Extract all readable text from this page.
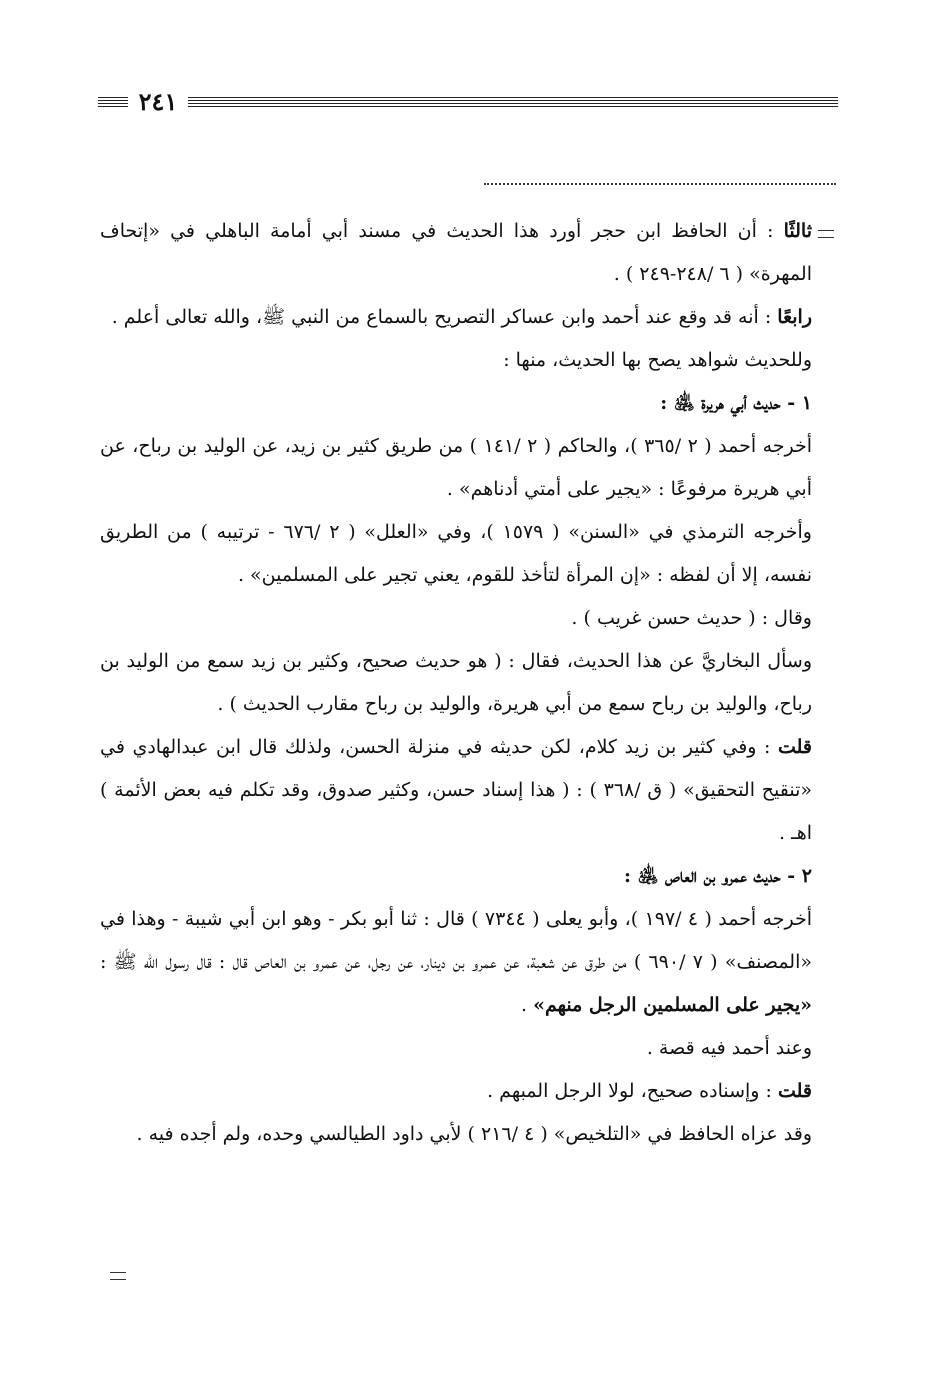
٢٤١

ثالثًا : أن الحافظ ابن حجر أورد هذا الحديث في مسند أبي أمامة الباهلي في «إتحاف المهرة» ( ٦ /٢٤٨-٢٤٩ ) .

رابعًا : أنه قد وقع عند أحمد وابن عساكر التصريح بالسماع من النبي ﷺ، والله تعالى أعلم .

وللحديث شواهد يصح بها الحديث، منها :

١ - حديث أبي هريرة ﵁ :

أخرجه أحمد ( ٢ /٣٦٥ )، والحاكم ( ٢ /١٤١ ) من طريق كثير بن زيد، عن الوليد بن رباح، عن أبي هريرة مرفوعًا : «يجير على أمتي أدناهم» .

وأخرجه الترمذي في «السنن» ( ١٥٧٩ )، وفي «العلل» ( ٢ /٦٧٦ - ترتيبه ) من الطريق نفسه، إلا أن لفظه : «إن المرأة لتأخذ للقوم، يعني تجير على المسلمين» .

وقال : ( حديث حسن غريب ) .

وسأل البخاريَّ عن هذا الحديث، فقال : ( هو حديث صحيح، وكثير بن زيد سمع من الوليد بن رباح، والوليد بن رباح سمع من أبي هريرة، والوليد بن رباح مقارب الحديث ) .

قلت : وفي كثير بن زيد كلام، لكن حديثه في منزلة الحسن، ولذلك قال ابن عبدالهادي في «تنقيح التحقيق» ( ق /٣٦٨ ) : ( هذا إسناد حسن، وكثير صدوق، وقد تكلم فيه بعض الأئمة ) اهـ .

٢ - حديث عمرو بن العاص ﵁ :

أخرجه أحمد ( ٤ /١٩٧ )، وأبو يعلى ( ٧٣٤٤ ) قال : ثنا أبو بكر - وهو ابن أبي شيبة - وهذا في «المصنف» ( ٧ /٦٩٠ ) من طرق عن شعبة، عن عمرو بن دينار، عن رجل، عن عمرو بن العاص قال : قال رسول الله ﷺ : «يجير على المسلمين الرجل منهم» .

وعند أحمد فيه قصة .

قلت : وإسناده صحيح، لولا الرجل المبهم .

وقد عزاه الحافظ في «التلخيص» ( ٤ /٢١٦ ) لأبي داود الطيالسي وحده، ولم أجده فيه .
